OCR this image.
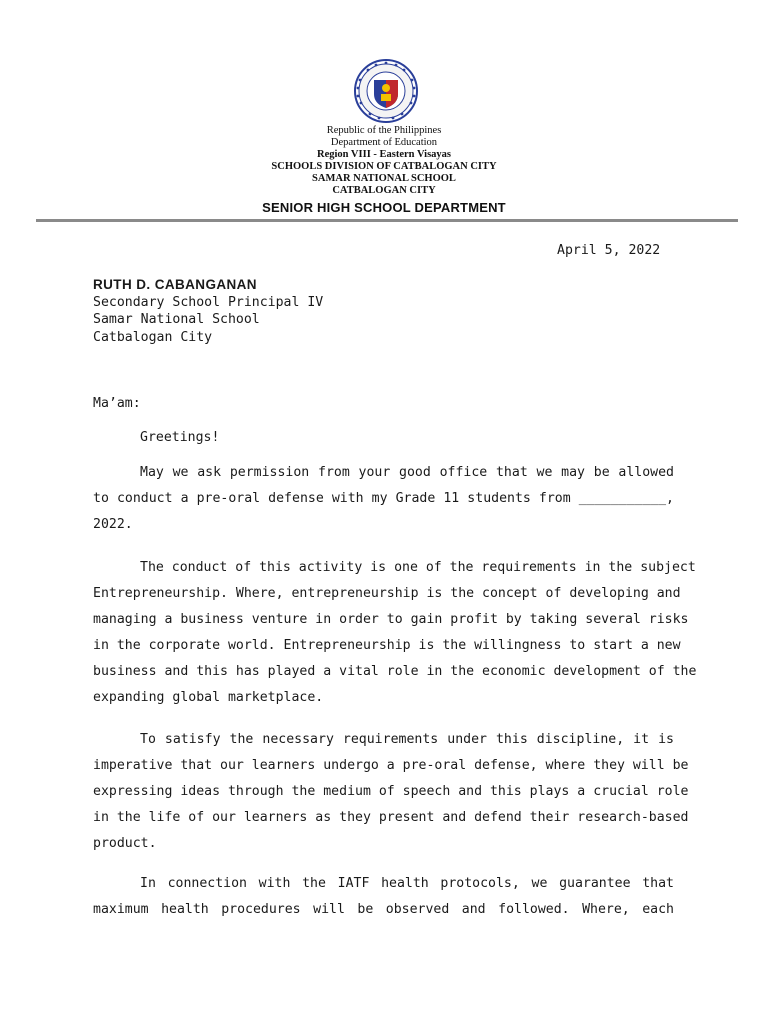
Republic of the Philippines
Department of Education
Region VIII - Eastern Visayas
SCHOOLS DIVISION OF CATBALOGAN CITY
SAMAR NATIONAL SCHOOL
CATBALOGAN CITY
SENIOR HIGH SCHOOL DEPARTMENT
April 5, 2022
RUTH D. CABANGANAN
Secondary School Principal IV
Samar National School
Catbalogan City
Ma’am:
Greetings!
May we ask permission from your good office that we may be allowed
to conduct a pre-oral defense with my Grade 11 students from ___________,
2022.
The conduct of this activity is one of the requirements in the subject
Entrepreneurship. Where, entrepreneurship is the concept of developing and
managing a business venture in order to gain profit by taking several risks
in the corporate world. Entrepreneurship is the willingness to start a new
business and this has played a vital role in the economic development of the
expanding global marketplace.
To satisfy the necessary requirements under this discipline, it is
imperative that our learners undergo a pre-oral defense, where they will be
expressing ideas through the medium of speech and this plays a crucial role
in the life of our learners as they present and defend their research-based
product.
In connection with the IATF health protocols, we guarantee that
maximum health procedures will be observed and followed. Where, each
